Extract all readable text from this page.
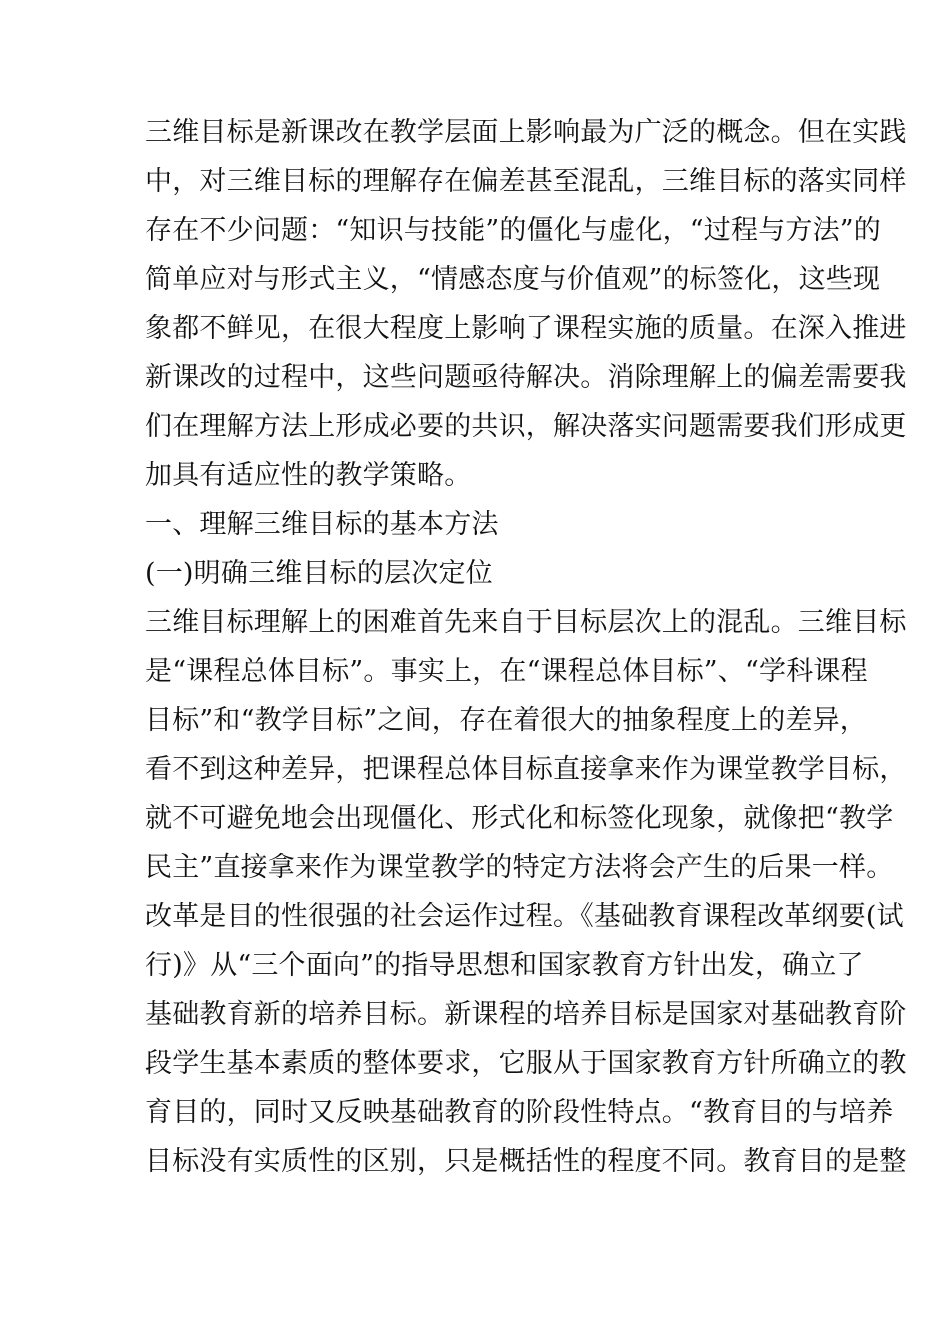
三维目标是新课改在教学层面上影响最为广泛的概念。但在实践
中，对三维目标的理解存在偏差甚至混乱，三维目标的落实同样
存在不少问题：“知识与技能”的僵化与虚化，“过程与方法”的
简单应对与形式主义，“情感态度与价值观”的标签化，这些现
象都不鲜见，在很大程度上影响了课程实施的质量。在深入推进
新课改的过程中，这些问题亟待解决。消除理解上的偏差需要我
们在理解方法上形成必要的共识，解决落实问题需要我们形成更
加具有适应性的教学策略。
一、理解三维目标的基本方法
(一)明确三维目标的层次定位
三维目标理解上的困难首先来自于目标层次上的混乱。三维目标
是“课程总体目标”。事实上，在“课程总体目标”、“学科课程
目标”和“教学目标”之间，存在着很大的抽象程度上的差异，
看不到这种差异，把课程总体目标直接拿来作为课堂教学目标，
就不可避免地会出现僵化、形式化和标签化现象，就像把“教学
民主”直接拿来作为课堂教学的特定方法将会产生的后果一样。
改革是目的性很强的社会运作过程。《基础教育课程改革纲要(试
行)》从“三个面向”的指导思想和国家教育方针出发，确立了
基础教育新的培养目标。新课程的培养目标是国家对基础教育阶
段学生基本素质的整体要求，它服从于国家教育方针所确立的教
育目的，同时又反映基础教育的阶段性特点。“教育目的与培养
目标没有实质性的区别，只是概括性的程度不同。教育目的是整
